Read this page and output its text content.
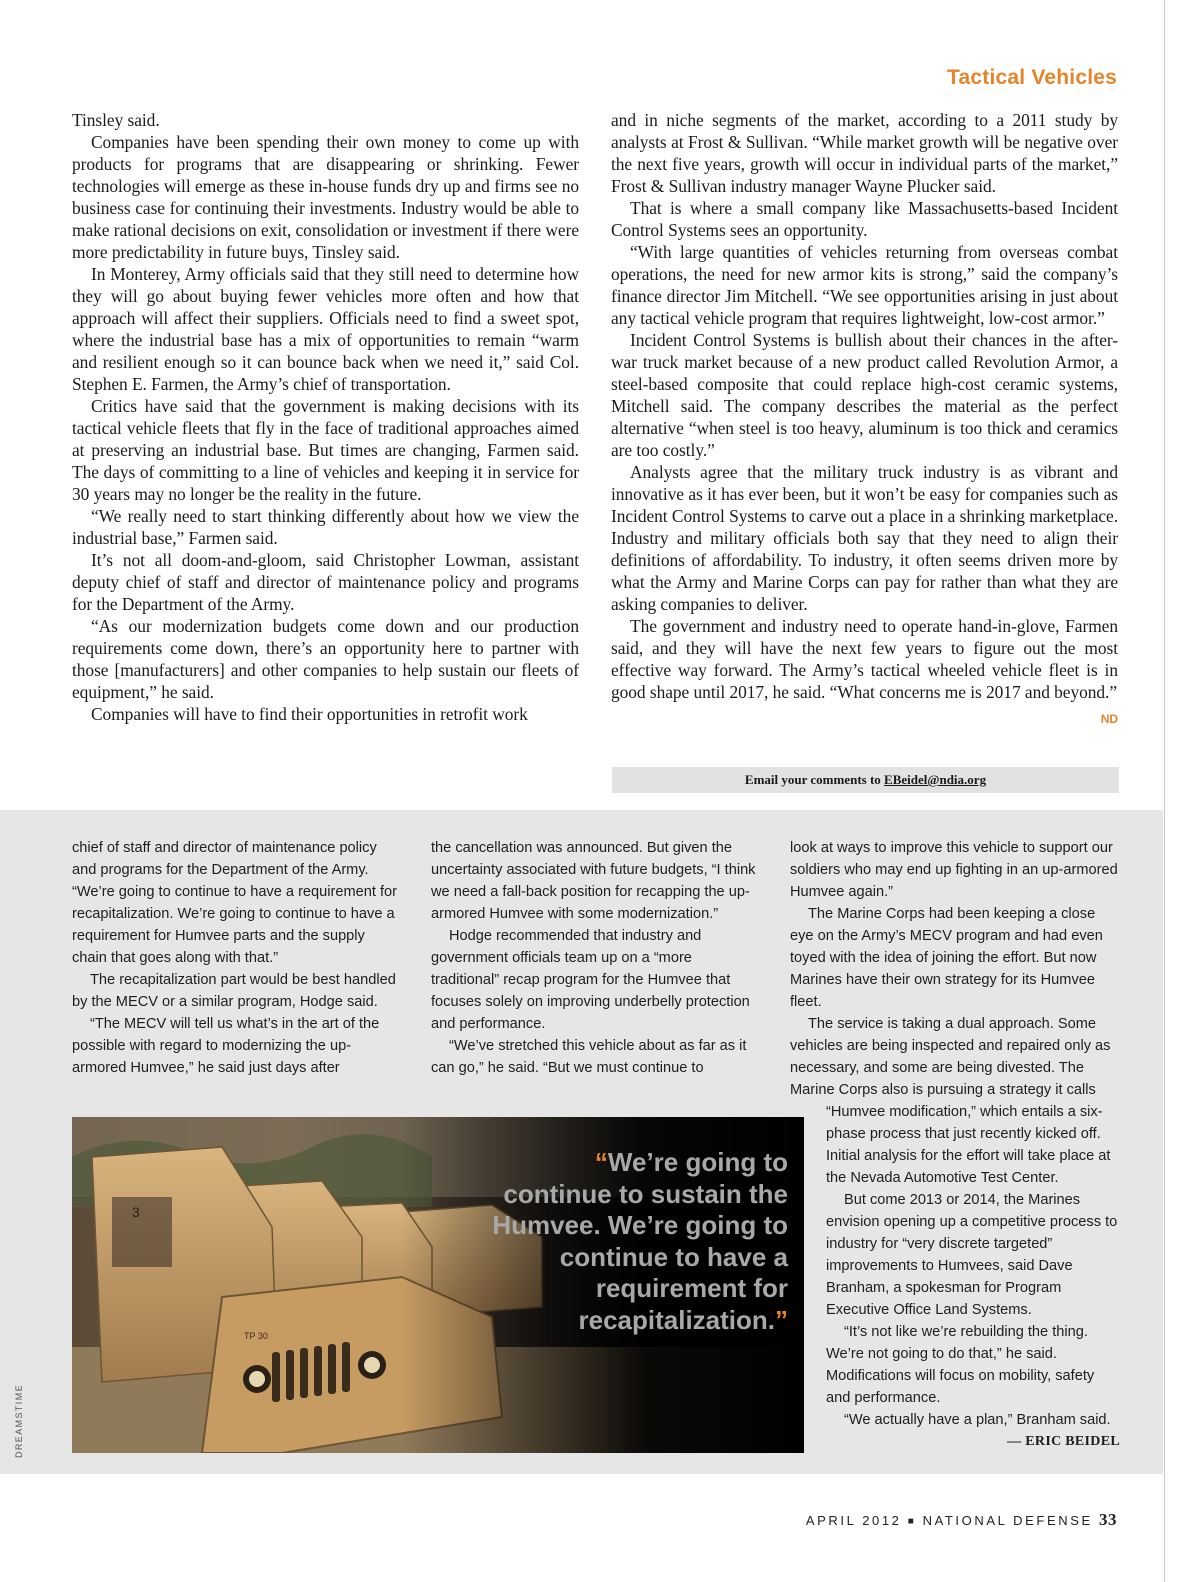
Tactical Vehicles

Tinsley said.

Companies have been spending their own money to come up with products for programs that are disappearing or shrinking. Fewer technologies will emerge as these in-house funds dry up and firms see no business case for continuing their investments. Industry would be able to make rational decisions on exit, consolidation or investment if there were more predictability in future buys, Tinsley said.

In Monterey, Army officials said that they still need to determine how they will go about buying fewer vehicles more often and how that approach will affect their suppliers. Officials need to find a sweet spot, where the industrial base has a mix of opportunities to remain “warm and resilient enough so it can bounce back when we need it,” said Col. Stephen E. Farmen, the Army’s chief of transportation.

Critics have said that the government is making decisions with its tactical vehicle fleets that fly in the face of traditional approaches aimed at preserving an industrial base. But times are changing, Farmen said. The days of committing to a line of vehicles and keeping it in service for 30 years may no longer be the reality in the future.

“We really need to start thinking differently about how we view the industrial base,” Farmen said.

It’s not all doom-and-gloom, said Christopher Lowman, assistant deputy chief of staff and director of maintenance policy and programs for the Department of the Army.

“As our modernization budgets come down and our production requirements come down, there’s an opportunity here to partner with those [manufacturers] and other companies to help sustain our fleets of equipment,” he said.

Companies will have to find their opportunities in retrofit work

and in niche segments of the market, according to a 2011 study by analysts at Frost & Sullivan. “While market growth will be negative over the next five years, growth will occur in individual parts of the market,” Frost & Sullivan industry manager Wayne Plucker said.

That is where a small company like Massachusetts-based Incident Control Systems sees an opportunity.

“With large quantities of vehicles returning from overseas combat operations, the need for new armor kits is strong,” said the company’s finance director Jim Mitchell. “We see opportunities arising in just about any tactical vehicle program that requires lightweight, low-cost armor.”

Incident Control Systems is bullish about their chances in the after-war truck market because of a new product called Revolution Armor, a steel-based composite that could replace high-cost ceramic systems, Mitchell said. The company describes the material as the perfect alternative “when steel is too heavy, aluminum is too thick and ceramics are too costly.”

Analysts agree that the military truck industry is as vibrant and innovative as it has ever been, but it won’t be easy for companies such as Incident Control Systems to carve out a place in a shrinking marketplace. Industry and military officials both say that they need to align their definitions of affordability. To industry, it often seems driven more by what the Army and Marine Corps can pay for rather than what they are asking companies to deliver.

The government and industry need to operate hand-in-glove, Farmen said, and they will have the next few years to figure out the most effective way forward. The Army’s tactical wheeled vehicle fleet is in good shape until 2017, he said. “What concerns me is 2017 and beyond.”
ND

Email your comments to EBeidel@ndia.org

chief of staff and director of maintenance policy and programs for the Department of the Army. “We’re going to continue to have a requirement for recapitalization. We’re going to continue to have a requirement for Humvee parts and the supply chain that goes along with that.”

The recapitalization part would be best handled by the MECV or a similar program, Hodge said.

“The MECV will tell us what’s in the art of the possible with regard to modernizing the up-armored Humvee,” he said just days after

the cancellation was announced. But given the uncertainty associated with future budgets, “I think we need a fall-back position for recapping the up-armored Humvee with some modernization.”

Hodge recommended that industry and government officials team up on a “more traditional” recap program for the Humvee that focuses solely on improving underbelly protection and performance.

“We’ve stretched this vehicle about as far as it can go,” he said. “But we must continue to

look at ways to improve this vehicle to support our soldiers who may end up fighting in an up-armored Humvee again.”

The Marine Corps had been keeping a close eye on the Army’s MECV program and had even toyed with the idea of joining the effort. But now Marines have their own strategy for its Humvee fleet.

The service is taking a dual approach. Some vehicles are being inspected and repaired only as necessary, and some are being divested. The Marine Corps also is pursuing a strategy it calls

“Humvee modification,” which entails a six-phase process that just recently kicked off. Initial analysis for the effort will take place at the Nevada Automotive Test Center.

But come 2013 or 2014, the Marines envision opening up a competitive process to industry for “very discrete targeted” improvements to Humvees, said Dave Branham, a spokesman for Program Executive Office Land Systems.

“It’s not like we’re rebuilding the thing. We’re not going to do that,” he said. Modifications will focus on mobility, safety and performance.

“We actually have a plan,” Branham said.

— ERIC BEIDEL
“We’re going to continue to sustain the Humvee. We’re going to continue to have a requirement for recapitalization.”
DREAMSTIME
APRIL 2012 ■ NATIONAL DEFENSE 33
